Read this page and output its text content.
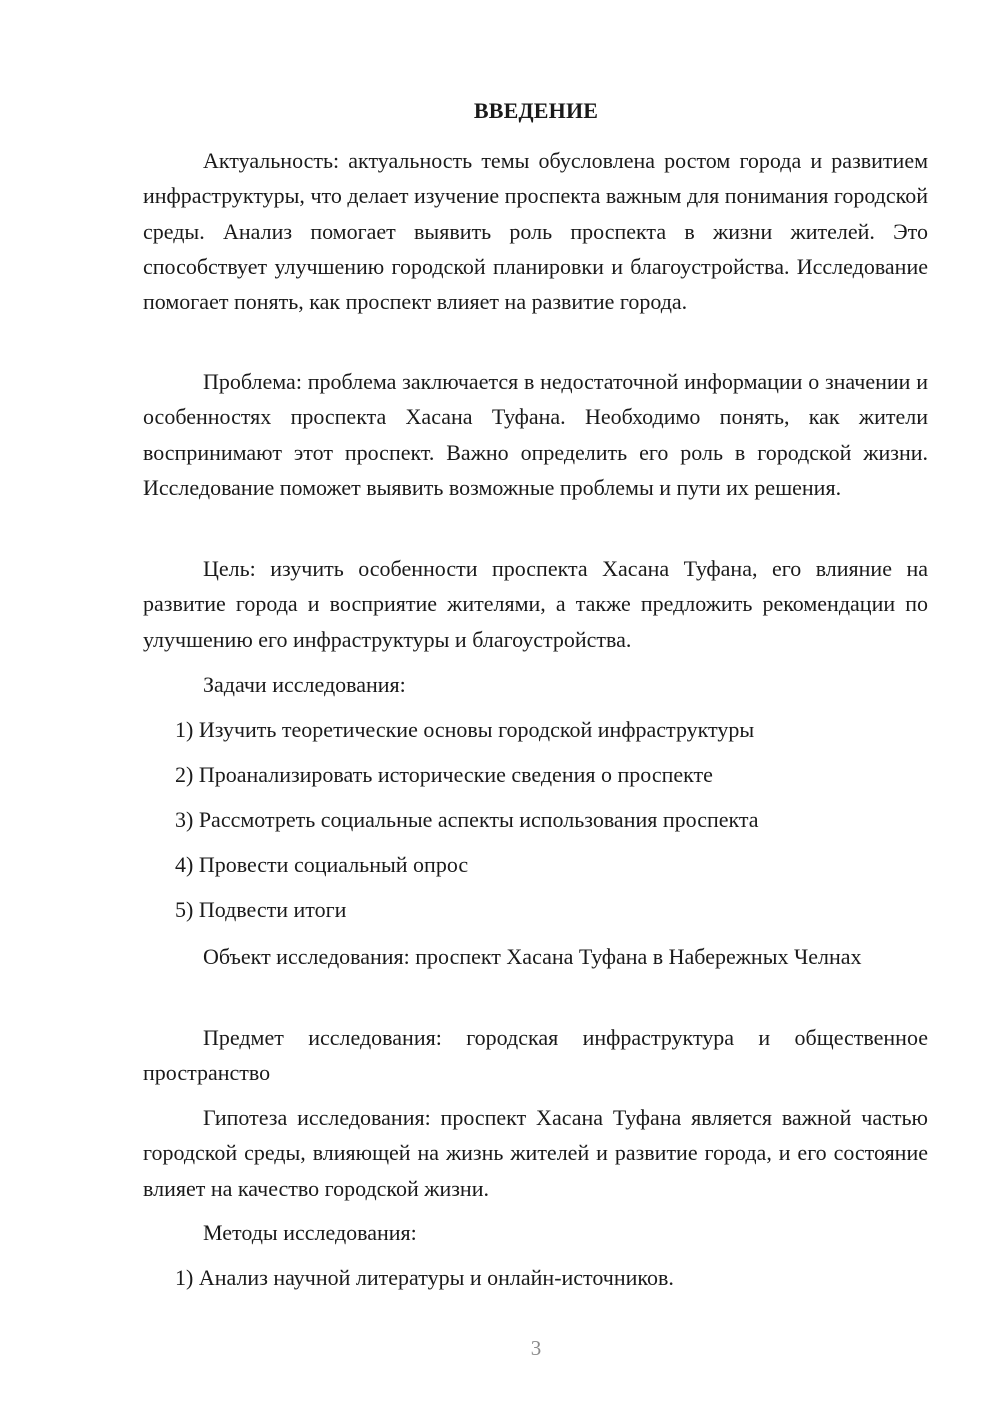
ВВЕДЕНИЕ

Актуальность: актуальность темы обусловлена ростом города и развитием инфраструктуры, что делает изучение проспекта важным для понимания городской среды. Анализ помогает выявить роль проспекта в жизни жителей. Это способствует улучшению городской планировки и благоустройства. Исследование помогает понять, как проспект влияет на развитие города.

Проблема: проблема заключается в недостаточной информации о значении и особенностях проспекта Хасана Туфана. Необходимо понять, как жители воспринимают этот проспект. Важно определить его роль в городской жизни. Исследование поможет выявить возможные проблемы и пути их решения.

Цель: изучить особенности проспекта Хасана Туфана, его влияние на развитие города и восприятие жителями, а также предложить рекомендации по улучшению его инфраструктуры и благоустройства.

Задачи исследования:

1) Изучить теоретические основы городской инфраструктуры

2) Проанализировать исторические сведения о проспекте

3) Рассмотреть социальные аспекты использования проспекта

4) Провести социальный опрос

5) Подвести итоги

Объект исследования: проспект Хасана Туфана в Набережных Челнах

Предмет исследования: городская инфраструктура и общественное пространство

Гипотеза исследования: проспект Хасана Туфана является важной частью городской среды, влияющей на жизнь жителей и развитие города, и его состояние влияет на качество городской жизни.

Методы исследования:

1) Анализ научной литературы и онлайн-источников.

3
